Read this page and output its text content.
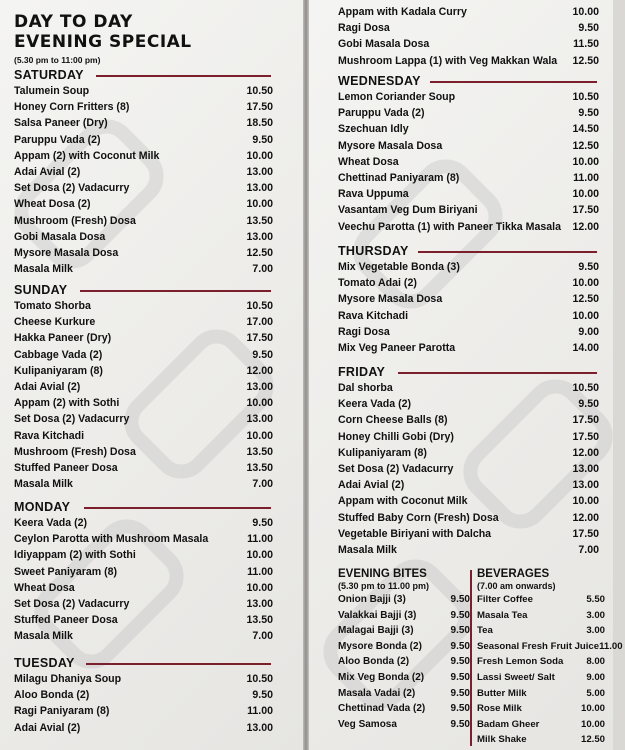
DAY TO DAY
EVENING SPECIAL
(5.30 pm to 11:00 pm)
SATURDAY
Talumein Soup	10.50
Honey Corn Fritters (8)	17.50
Salsa Paneer (Dry)	18.50
Paruppu Vada (2)	9.50
Appam (2) with Coconut Milk	10.00
Adai Avial (2)	13.00
Set Dosa (2) Vadacurry	13.00
Wheat Dosa (2)	10.00
Mushroom (Fresh) Dosa	13.50
Gobi Masala Dosa	13.00
Mysore Masala Dosa	12.50
Masala Milk	7.00
SUNDAY
Tomato Shorba	10.50
Cheese Kurkure	17.00
Hakka Paneer (Dry)	17.50
Cabbage Vada (2)	9.50
Kulipaniyaram (8)	12.00
Adai Avial (2)	13.00
Appam (2) with Sothi	10.00
Set Dosa (2) Vadacurry	13.00
Rava Kitchadi	10.00
Mushroom (Fresh) Dosa	13.50
Stuffed Paneer Dosa	13.50
Masala Milk	7.00
MONDAY
Keera Vada (2)	9.50
Ceylon Parotta with Mushroom Masala	11.00
Idiyappam (2) with Sothi	10.00
Sweet Paniyaram (8)	11.00
Wheat Dosa	10.00
Set Dosa (2) Vadacurry	13.00
Stuffed Paneer Dosa	13.50
Masala Milk	7.00
TUESDAY
Milagu Dhaniya Soup	10.50
Aloo Bonda (2)	9.50
Ragi Paniyaram (8)	11.00
Adai Avial (2)	13.00
Appam with Kadala Curry	10.00
Ragi Dosa	9.50
Gobi Masala Dosa	11.50
Mushroom Lappa (1) with Veg Makkan Wala 12.50
WEDNESDAY
Lemon Coriander Soup	10.50
Paruppu Vada (2)	9.50
Szechuan Idly	14.50
Mysore Masala Dosa	12.50
Wheat Dosa	10.00
Chettinad Paniyaram (8)	11.00
Rava Uppuma	10.00
Vasantam Veg Dum Biriyani	17.50
Veechu Parotta (1) with Paneer Tikka Masala 12.00
THURSDAY
Mix Vegetable Bonda (3)	9.50
Tomato Adai (2)	10.00
Mysore Masala Dosa	12.50
Rava Kitchadi	10.00
Ragi Dosa	9.00
Mix Veg Paneer Parotta	14.00
FRIDAY
Dal shorba	10.50
Keera Vada (2)	9.50
Corn Cheese Balls (8)	17.50
Honey Chilli Gobi (Dry)	17.50
Kulipaniyaram (8)	12.00
Set Dosa (2) Vadacurry	13.00
Adai Avial (2)	13.00
Appam with Coconut Milk	10.00
Stuffed Baby Corn (Fresh) Dosa	12.00
Vegetable Biriyani with Dalcha	17.50
Masala Milk	7.00
EVENING BITES
(5.30 pm to 11.00 pm)
Onion Bajji (3)	9.50
Valakkai Bajji (3)	9.50
Malagai Bajji (3)	9.50
Mysore Bonda (2)	9.50
Aloo Bonda (2)	9.50
Mix Veg Bonda (2)	9.50
Masala Vadai (2)	9.50
Chettinad Vada (2)	9.50
Veg Samosa	9.50
BEVERAGES
(7.00 am onwards)
Filter Coffee	5.50
Masala Tea	3.00
Tea	3.00
Seasonal Fresh Fruit Juice 11.00
Fresh Lemon Soda 8.00
Lassi Sweet/ Salt	9.00
Butter Milk	5.00
Rose Milk	10.00
Badam Gheer	10.00
Milk Shake	12.50
